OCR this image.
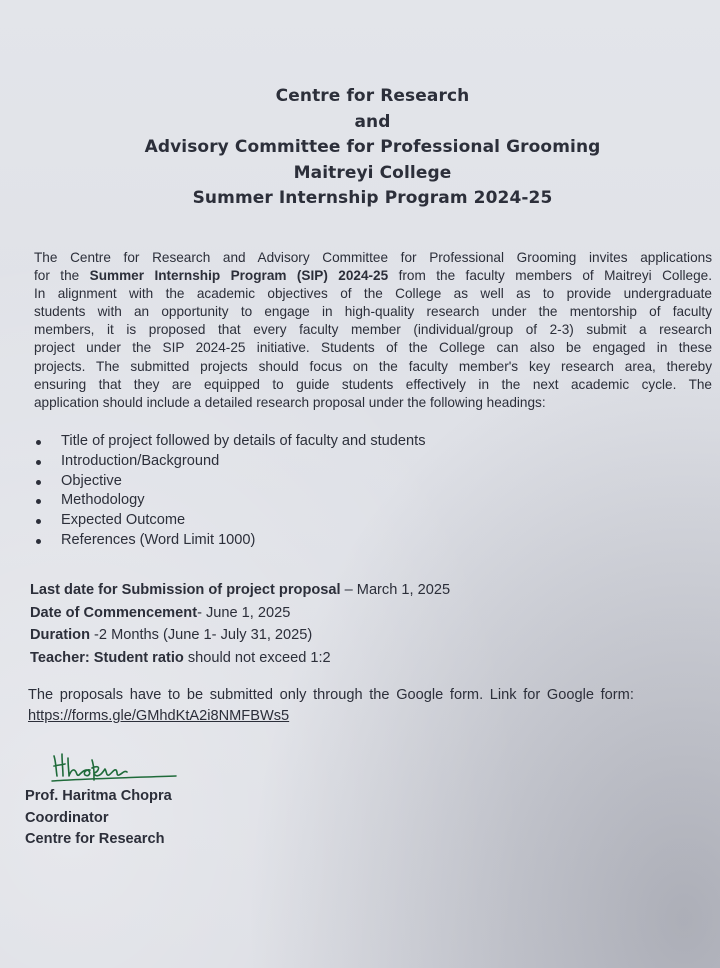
Centre for Research
and
Advisory Committee for Professional Grooming
Maitreyi College
Summer Internship Program 2024-25
The Centre for Research and Advisory Committee for Professional Grooming invites applications
for the Summer Internship Program (SIP) 2024-25 from the faculty members of Maitreyi College.
In alignment with the academic objectives of the College as well as to provide undergraduate
students with an opportunity to engage in high-quality research under the mentorship of faculty
members, it is proposed that every faculty member (individual/group of 2-3) submit a research
project under the SIP 2024-25 initiative. Students of the College can also be engaged in these
projects. The submitted projects should focus on the faculty member's key research area, thereby
ensuring that they are equipped to guide students effectively in the next academic cycle. The
application should include a detailed research proposal under the following headings:
Title of project followed by details of faculty and students
Introduction/Background
Objective
Methodology
Expected Outcome
References (Word Limit 1000)
Last date for Submission of project proposal – March 1, 2025
Date of Commencement- June 1, 2025
Duration -2 Months (June 1- July 31, 2025)
Teacher: Student ratio should not exceed 1:2
The proposals have to be submitted only through the Google form. Link for Google form:
https://forms.gle/GMhdKtA2i8NMFBWs5
Prof. Haritma Chopra
Coordinator
Centre for Research
